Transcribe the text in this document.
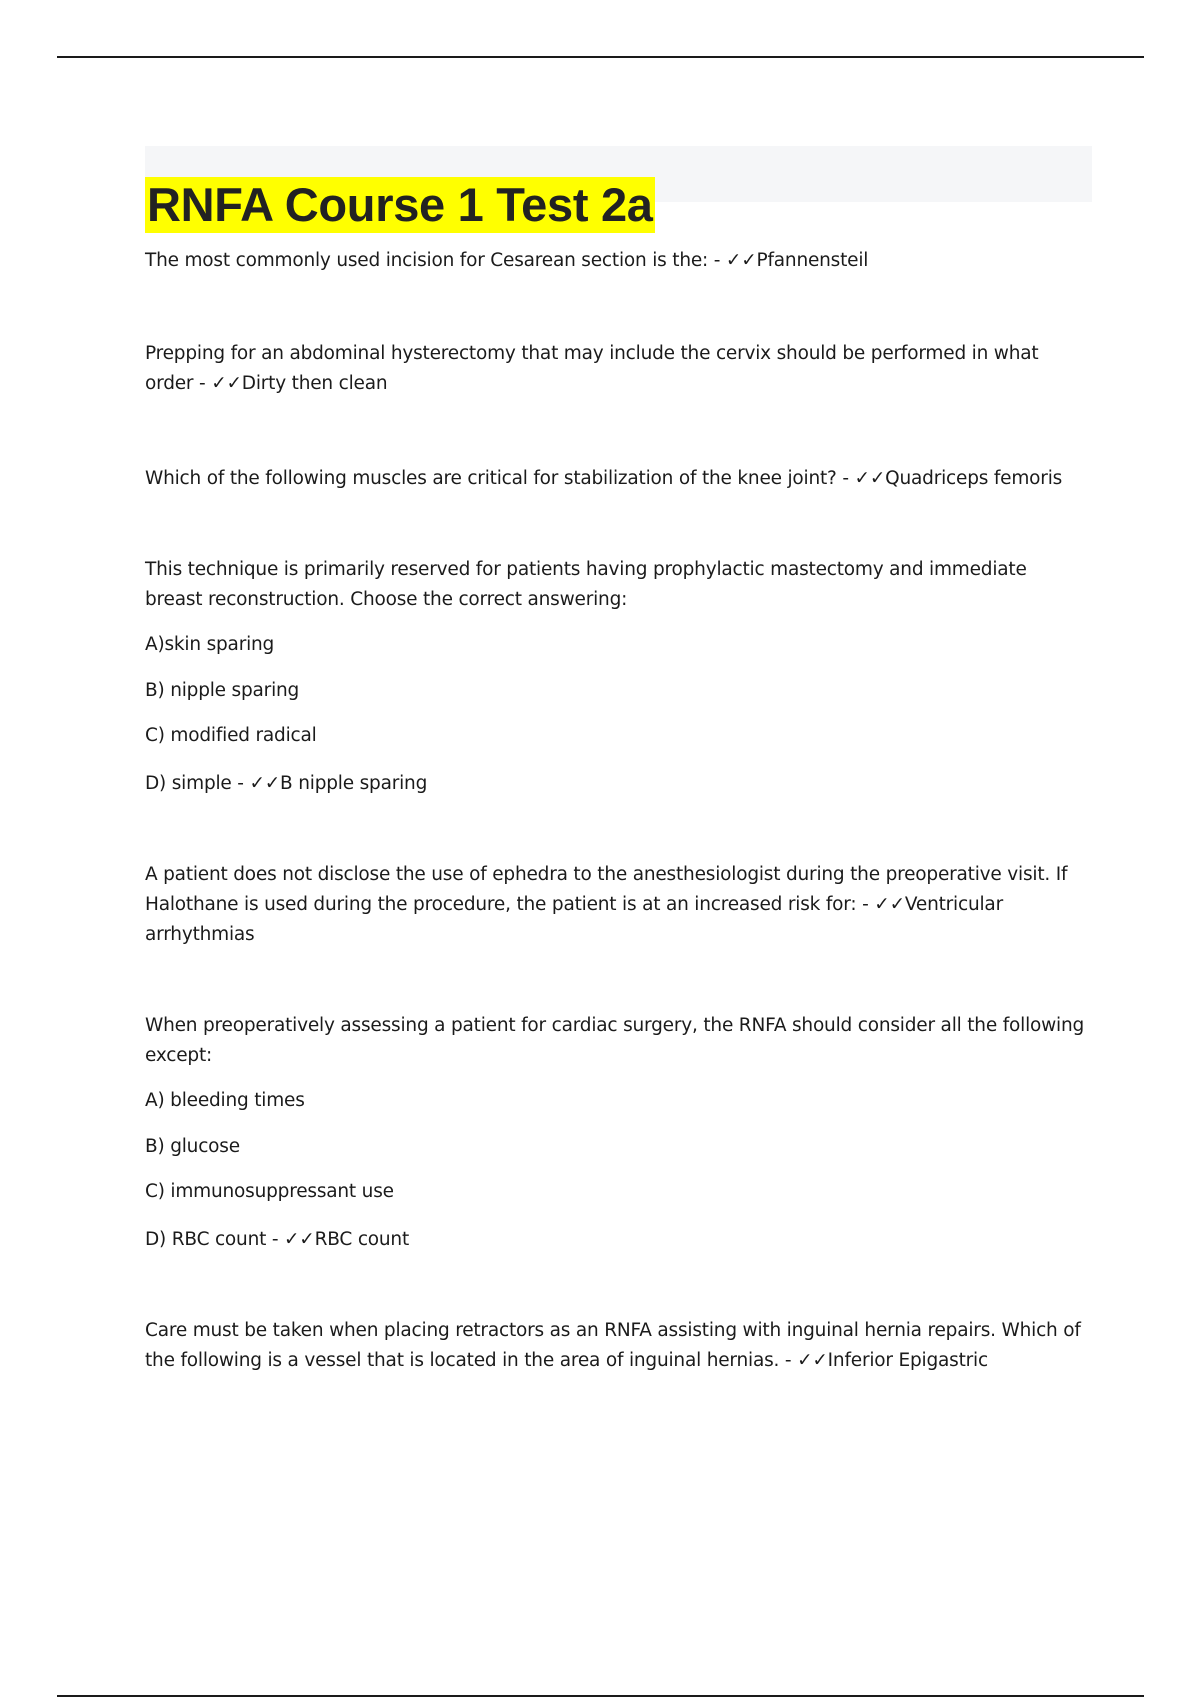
RNFA Course 1 Test 2a

The most commonly used incision for Cesarean section is the: - ✓✓Pfannensteil

Prepping for an abdominal hysterectomy that may include the cervix should be performed in what order - ✓✓Dirty then clean

Which of the following muscles are critical for stabilization of the knee joint? - ✓✓Quadriceps femoris

This technique is primarily reserved for patients having prophylactic mastectomy and immediate breast reconstruction. Choose the correct answering:

A)skin sparing

B) nipple sparing

C) modified radical

D) simple - ✓✓B nipple sparing

A patient does not disclose the use of ephedra to the anesthesiologist during the preoperative visit. If Halothane is used during the procedure, the patient is at an increased risk for: - ✓✓Ventricular arrhythmias

When preoperatively assessing a patient for cardiac surgery, the RNFA should consider all the following except:

A) bleeding times

B) glucose

C) immunosuppressant use

D) RBC count - ✓✓RBC count

Care must be taken when placing retractors as an RNFA assisting with inguinal hernia repairs. Which of the following is a vessel that is located in the area of inguinal hernias. - ✓✓Inferior Epigastric
